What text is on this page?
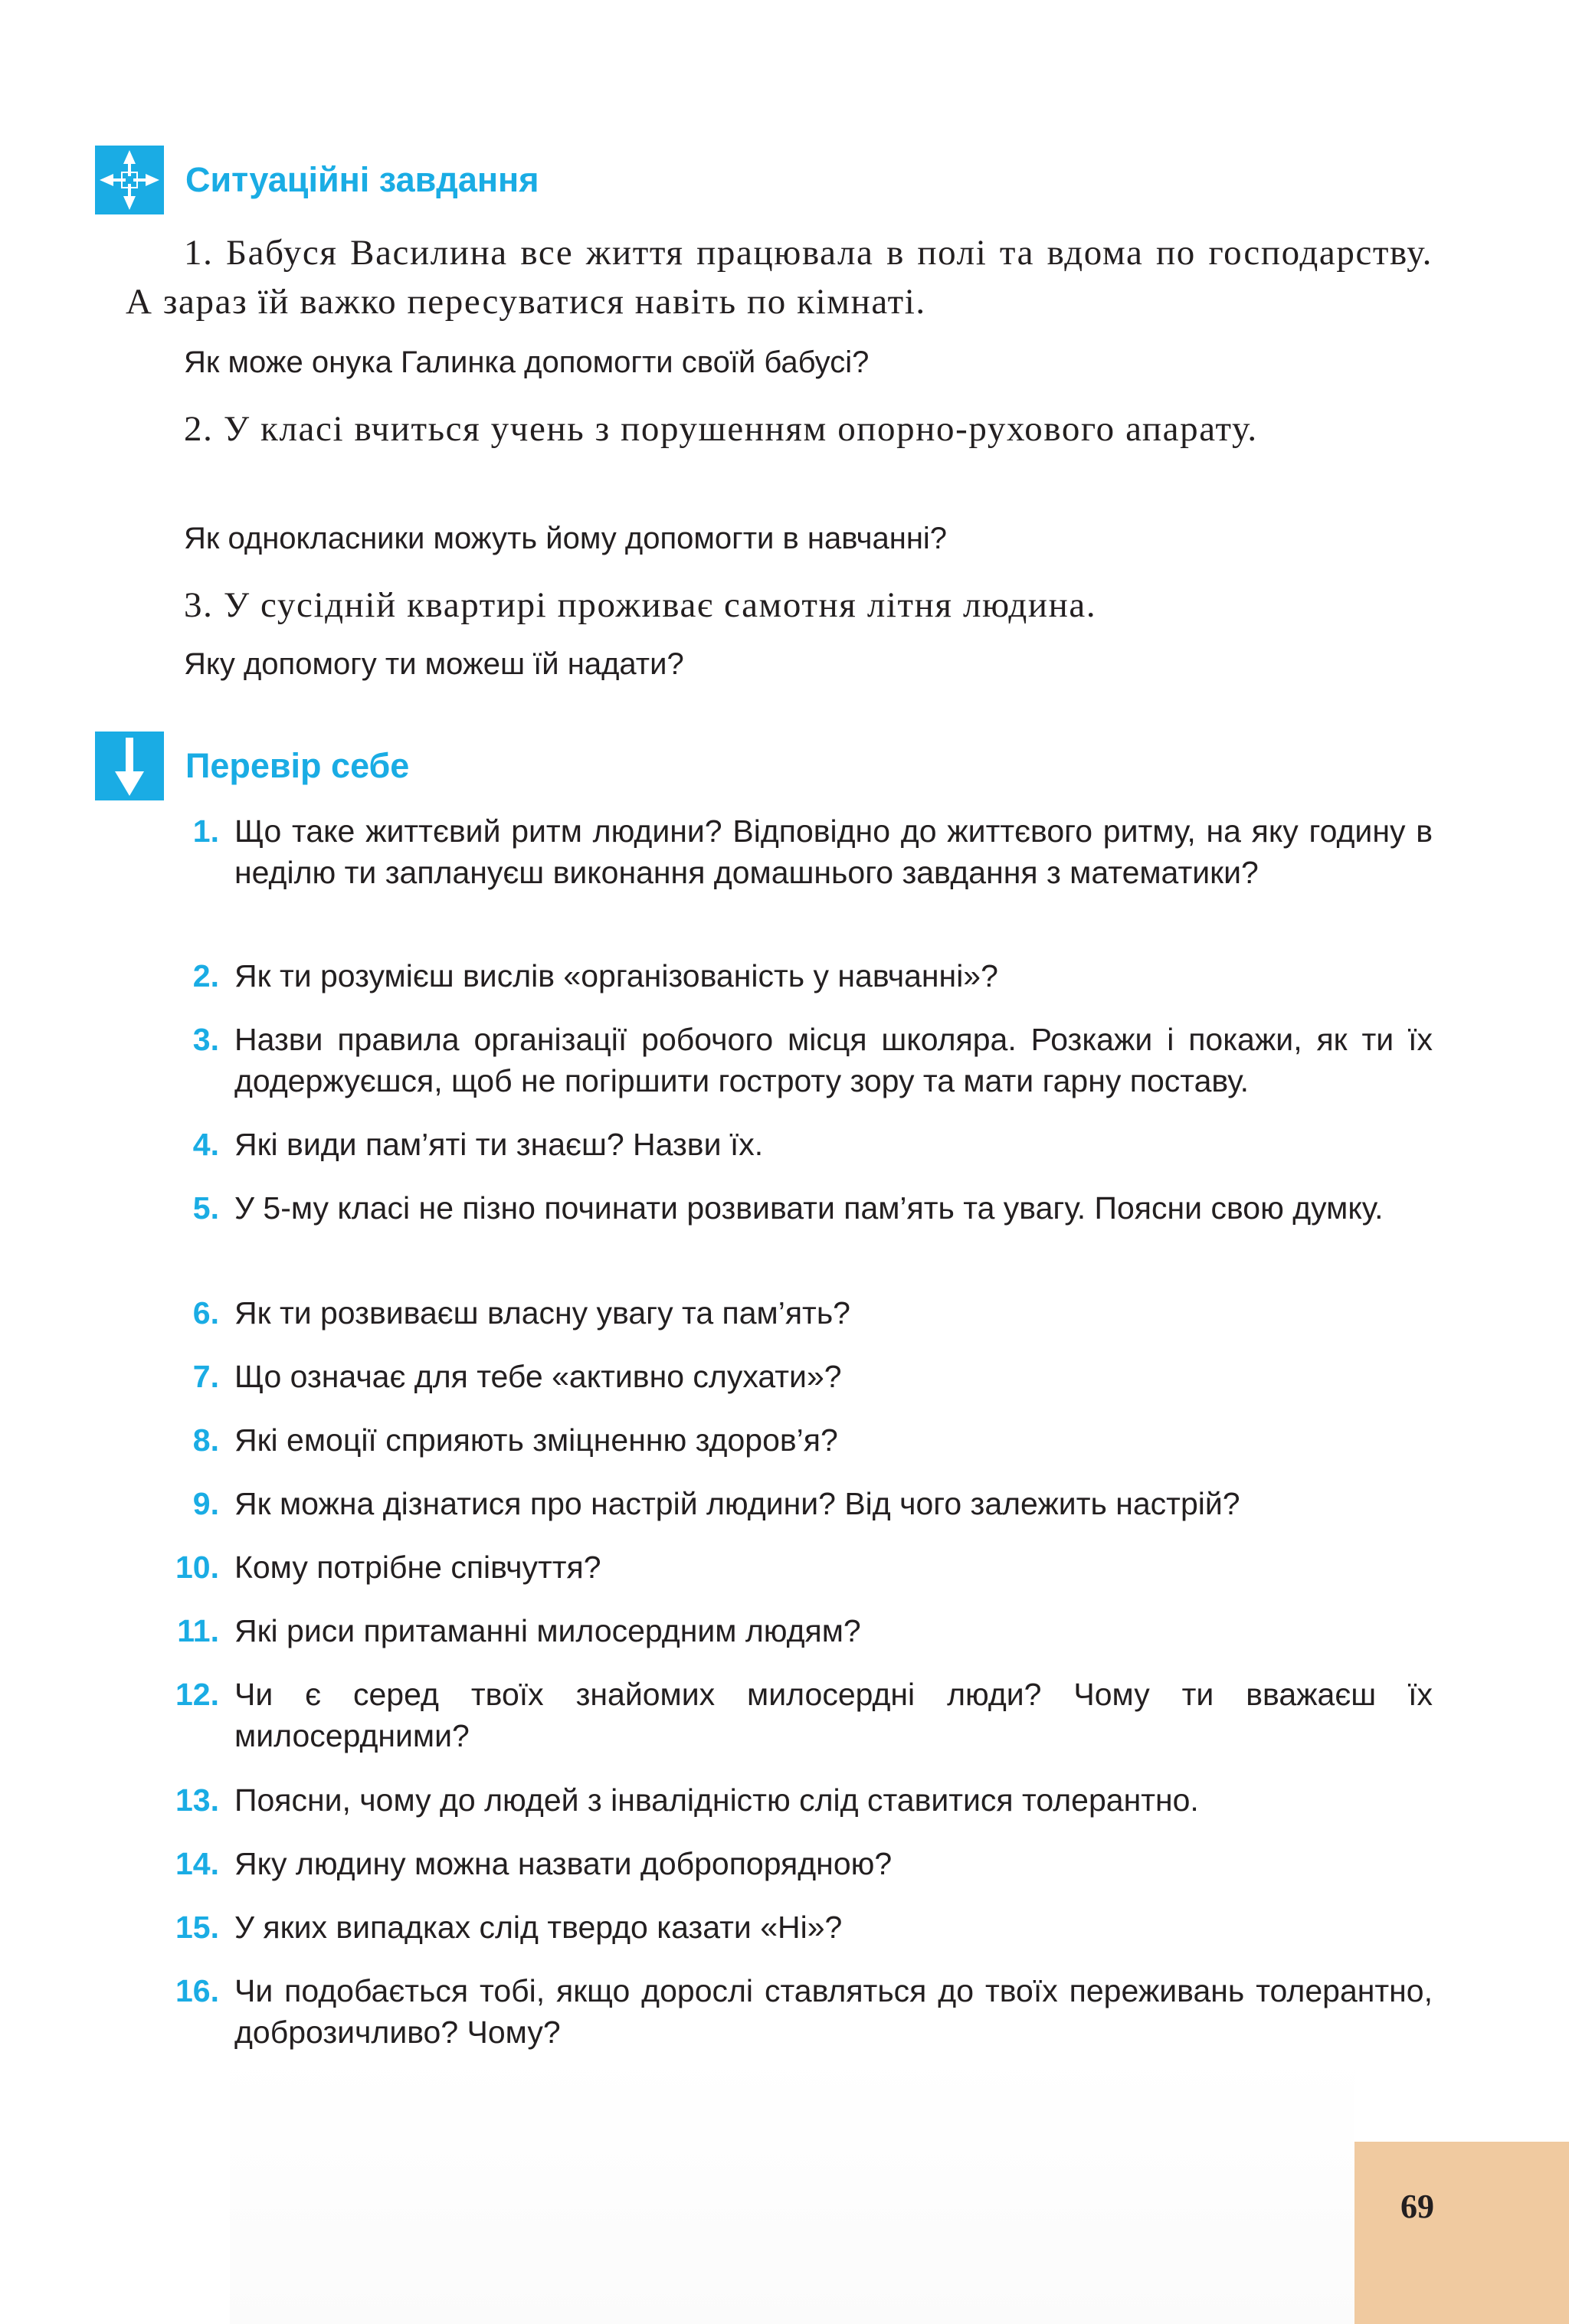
Ситуаційні завдання
1. Бабуся Василина все життя працювала в полі та вдома по господарству. А зараз їй важко пересуватися навіть по кімнаті.
Як може онука Галинка допомогти своїй бабусі?
2. У класі вчиться учень з порушенням опорно-рухового апарату.
Як однокласники можуть йому допомогти в навчанні?
3. У сусідній квартирі проживає самотня літня людина.
Яку допомогу ти можеш їй надати?
Перевір себе
1. Що таке життєвий ритм людини? Відповідно до життєвого ритму, на яку годину в неділю ти заплануєш виконання домашнього завдання з математики?
2. Як ти розумієш вислів «організованість у навчанні»?
3. Назви правила організації робочого місця школяра. Розкажи і покажи, як ти їх додержуєшся, щоб не погіршити гостроту зору та мати гарну поставу.
4. Які види пам’яті ти знаєш? Назви їх.
5. У 5-му класі не пізно починати розвивати пам’ять та увагу. Поясни свою думку.
6. Як ти розвиваєш власну увагу та пам’ять?
7. Що означає для тебе «активно слухати»?
8. Які емоції сприяють зміцненню здоров’я?
9. Як можна дізнатися про настрій людини? Від чого залежить настрій?
10. Кому потрібне співчуття?
11. Які риси притаманні милосердним людям?
12. Чи є серед твоїх знайомих милосердні люди? Чому ти вважаєш їх милосердними?
13. Поясни, чому до людей з інвалідністю слід ставитися толерантно.
14. Яку людину можна назвати добропорядною?
15. У яких випадках слід твердо казати «Ні»?
16. Чи подобається тобі, якщо дорослі ставляться до твоїх переживань толерантно, доброзичливо? Чому?
69
